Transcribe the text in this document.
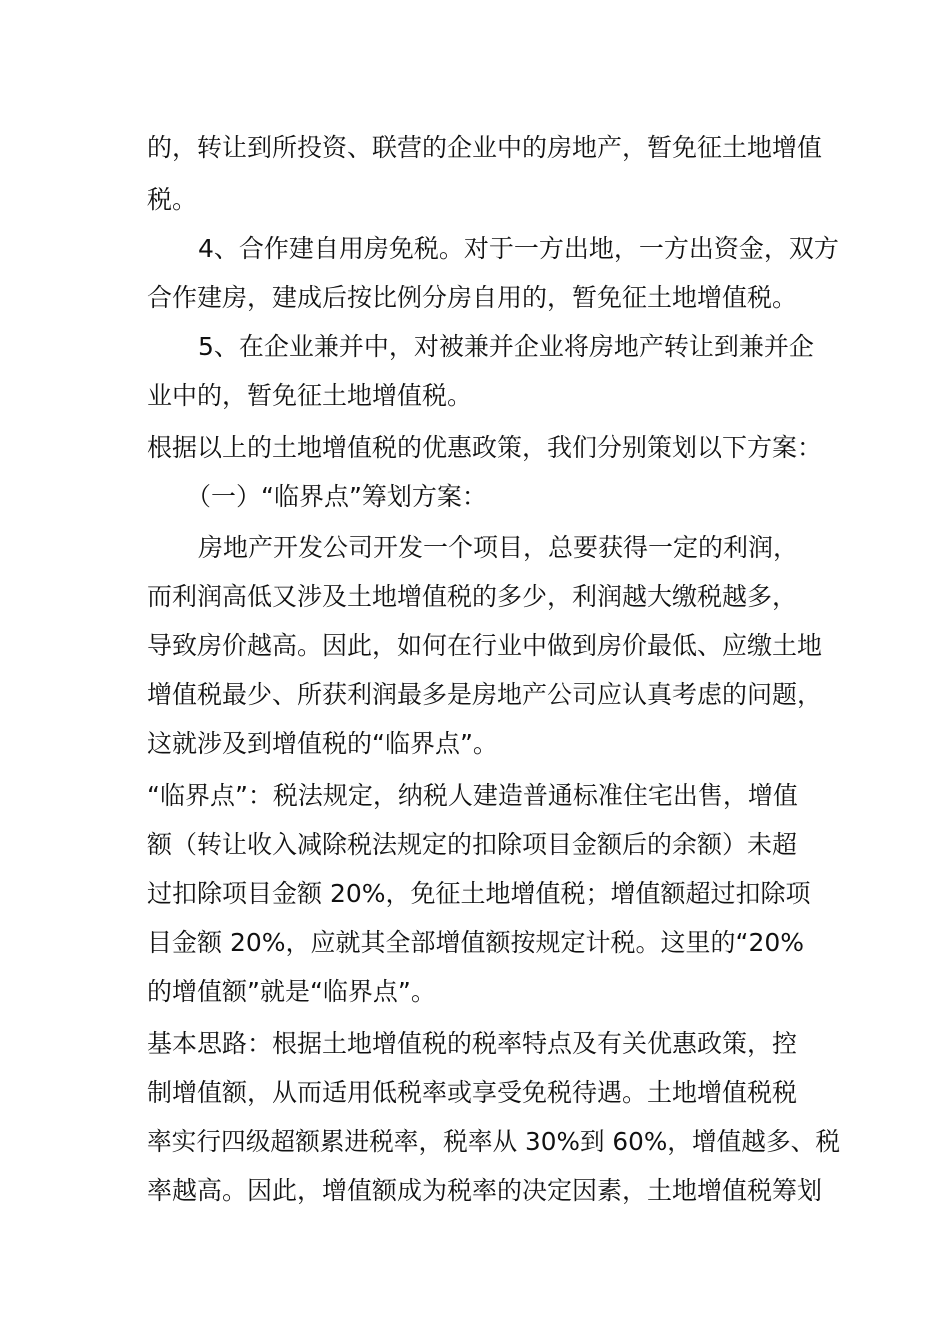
的，转让到所投资、联营的企业中的房地产，暂免征土地增值
税。
4、合作建自用房免税。对于一方出地，一方出资金，双方
合作建房，建成后按比例分房自用的，暂免征土地增值税。
5、在企业兼并中，对被兼并企业将房地产转让到兼并企
业中的，暂免征土地增值税。
根据以上的土地增值税的优惠政策，我们分别策划以下方案：
（一）“临界点”筹划方案：
房地产开发公司开发一个项目，总要获得一定的利润，
而利润高低又涉及土地增值税的多少，利润越大缴税越多，
导致房价越高。因此，如何在行业中做到房价最低、应缴土地
增值税最少、所获利润最多是房地产公司应认真考虑的问题，
这就涉及到增值税的“临界点”。
“临界点”：税法规定，纳税人建造普通标准住宅出售，增值
额（转让收入减除税法规定的扣除项目金额后的余额）未超
过扣除项目金额 20%，免征土地增值税；增值额超过扣除项
目金额 20%，应就其全部增值额按规定计税。这里的“20%
的增值额”就是“临界点”。
基本思路：根据土地增值税的税率特点及有关优惠政策，控
制增值额，从而适用低税率或享受免税待遇。土地增值税税
率实行四级超额累进税率，税率从 30%到 60%，增值越多、税
率越高。因此，增值额成为税率的决定因素，土地增值税筹划
